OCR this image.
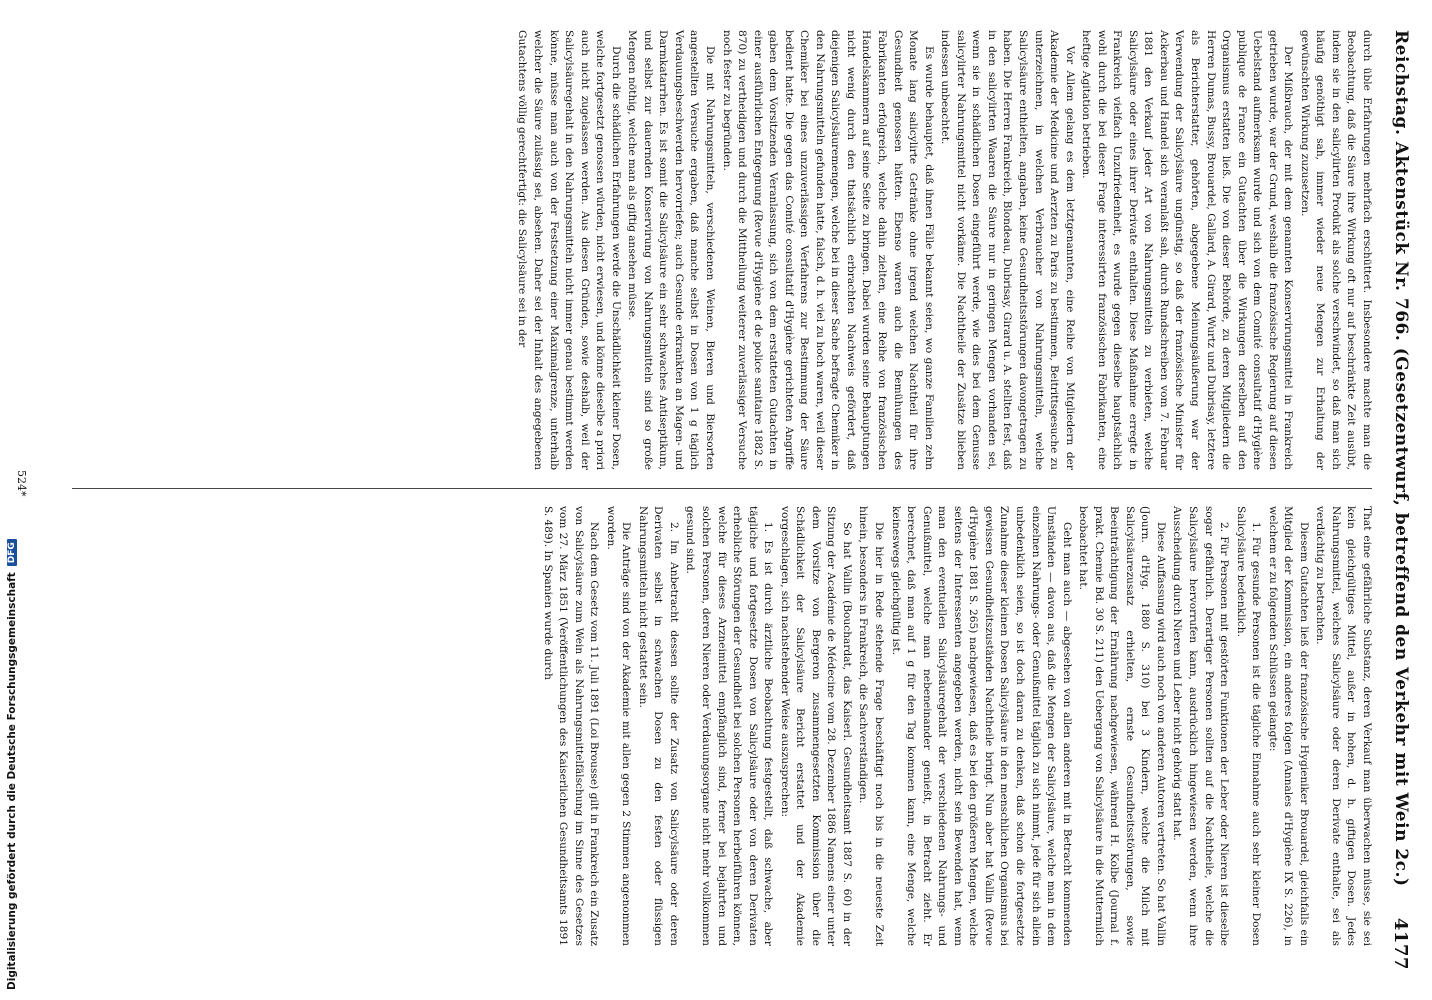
Reichstag. Aktenstück Nr. 766. (Gesetzentwurf, betreffend den Verkehr mit Wein 2c.)
4177

durch üble Erfahrungen mehrfach erschüttert. Insbesondere machte man die Beobachtung, daß die Säure ihre Wirkung oft nur auf beschränkte Zeit ausübt, indem sie in den salicylirten Produkt als solche verschwindet, so daß man sich häufig genöthigt sah, immer wieder neue Mengen zur Erhaltung der gewünschten Wirkung zuzusetzen.

Der Mißbrauch, der mit dem genannten Konservirungsmittel in Frankreich getrieben wurde, war der Grund, weshalb die französische Regierung auf diesen Uebelstand aufmerksam wurde und sich von dem Comité consultatif d'Hygiène publique de France ein Gutachten über die Wirkungen derselben auf den Organismus erstatten ließ. Die von dieser Behörde, zu deren Mitgliedern die Herren Dumas, Bussy, Brouardel, Gallard, A. Girard, Wurtz und Dubrisay, letztere als Berichterstatter, gehörten, abgegebene Meinungsäußerung war der Verwendung der Salicylsäure ungünstig, so daß der französische Minister für Ackerbau und Handel sich veranlaßt sah, durch Rundschreiben vom 7. Februar 1881 den Verkauf jeder Art von Nahrungsmitteln zu verbieten, welche Salicylsäure oder eines ihrer Derivate enthalten. Diese Maßnahme erregte in Frankreich vielfach Unzufriedenheit, es wurde gegen dieselbe hauptsächlich wohl durch die bei dieser Frage interessirten französischen Fabrikanten, eine heftige Agitation betrieben.

Vor Allem gelang es dem letztgenannten, eine Reihe von Mitgliedern der Akademie der Medicine und Aerzten zu Paris zu bestimmen, Beitrittsgesuche zu unterzeichnen, in welchen Verbraucher von Nahrungsmitteln, welche Salicylsäure enthielten, angaben, keine Gesundheitsstörungen davongetragen zu haben. Die Herren Frankreich, Blondeau, Dubrisay, Girard u. A. stellten fest, daß in den salicylirten Waaren die Säure nur in geringen Mengen vorhanden sei, wenn sie in schädlichen Dosen eingeführt werde, wie dies bei dem Genusse salicylirter Nahrungsmittel nicht vorkäme. Die Nachtheile der Zusätze blieben indessen unbeachtet.

Es wurde behauptet, daß ihnen Fälle bekannt seien, wo ganze Familien zehn Monate lang salicylirte Getränke ohne irgend welchen Nachtheil für ihre Gesundheit genossen hätten. Ebenso waren auch die Bemühungen des Fabrikanten erfolgreich, welche dahin zielten, eine Reihe von französischen Handelskammern auf seine Seite zu bringen. Dabei wurden seine Behauptungen nicht wenig durch den thatsächlich erbrachten Nachweis gefördert, daß diejenigen Salicylsäuremengen, welche bei in dieser Sache befragte Chemiker in den Nahrungsmitteln gefunden hatte, falsch, d. h. viel zu hoch waren, weil dieser Chemiker bei eines unzuverlässigen Verfahrens zur Bestimmung der Säure bedient hatte. Die gegen das Comité consultatif d'Hygiène gerichteten Angriffe gaben dem Vorsitzenden Veranlassung, sich von dem erstatteten Gutachten in einer ausführlichen Entgegnung (Revue d'Hygiène et de police sanitaire 1882 S. 870) zu vertheidigen und durch die Mittheilung weiterer zuverlässiger Versuche noch fester zu begründen.

Die mit Nahrungsmitteln, verschiedenen Weinen, Bieren und Biersorten angestellten Versuche ergaben, daß manche selbst in Dosen von 1 g täglich Verdauungsbeschwerden hervorriefen; auch Gesunde erkrankten an Magen- und Darmkatarrhen. Es ist somit die Salicylsäure ein sehr schwaches Antiseptikum, und selbst zur dauernden Konservirung von Nahrungsmitteln sind so große Mengen nöthig, welche man als giftig ansehen müsse.

Durch die schädlichen Erfahrungen werde die Unschädlichkeit kleiner Dosen, welche fortgesetzt genossen würden, nicht erwiesen, und könne dieselbe a priori auch nicht zugelassen werden. Aus diesen Gründen, sowie deshalb, weil der Salicylsäuregehalt in den Nahrungsmitteln nicht immer genau bestimmt werden könne, müsse man auch von der Festsetzung einer Maximalgrenze, unterhalb welcher die Säure zulässig sei, absehen. Daher sei der Inhalt des angegebenen Gutachtens völlig gerechtfertigt: die Salicylsäure sei in der

That eine gefährliche Substanz, deren Verkauf man überwachen müsse, sie sei kein gleichgültiges Mittel, außer in hohen, d. h. giftigen Dosen. Jedes Nahrungsmittel, welches Salicylsäure oder deren Derivate enthalte, sei als verdächtig zu betrachten.

Diesem Gutachten ließ der französische Hygieniker Brouardel, gleichfalls ein Mitglied der Kommission, ein anderes folgen (Annales d'Hygiène IX S. 226), in welchem er zu folgenden Schlüssen gelangte:

1. Für gesunde Personen ist die tägliche Einnahme auch sehr kleiner Dosen Salicylsäure bedenklich.

2. Für Personen mit gestörten Funktionen der Leber oder Nieren ist dieselbe sogar gefährlich. Derartiger Personen sollten auf die Nachtheile, welche die Salicylsäure hervorrufen kann, ausdrücklich hingewiesen werden, wenn ihre Ausscheidung durch Nieren und Leber nicht gehörig statt hat.

Diese Auffassung wird auch noch von anderen Autoren vertreten. So hat Vallin (Journ. d'Hyg. 1880 S. 310) bei 3 Kindern, welche die Milch mit Salicylsäurezusatz erhielten, ernste Gesundheitsstörungen, sowie Beeinträchtigung der Ernährung nachgewiesen, während H. Kolbe (Journal f. prakt. Chemie Bd. 30 S. 211) den Uebergang von Salicylsäure in die Muttermilch beobachtet hat.

Geht man auch — abgesehen von allen anderen mit in Betracht kommenden Umständen — davon aus, daß die Mengen der Salicylsäure, welche man in dem einzelnen Nahrungs- oder Genußmittel täglich zu sich nimmt, jede für sich allein unbedenklich seien, so ist doch daran zu denken, daß schon die fortgesetzte Zunahme dieser kleinen Dosen Salicylsäure in den menschlichen Organismus bei gewissen Gesundheitszuständen Nachtheile bringt. Nun aber hat Vallin (Revue d'Hygiène 1881 S. 265) nachgewiesen, daß es bei den größeren Mengen, welche seitens der Interessenten angegeben werden, nicht sein Bewenden hat, wenn man den eventuellen Salicylsäuregehalt der verschiedenen Nahrungs- und Genußmittel, welche man nebeneinander genießt, in Betracht zieht. Er berechnet, daß man auf 1 g für den Tag kommen kann, eine Menge, welche keineswegs gleichgültig ist.

Die hier in Rede stehende Frage beschäftigt noch bis in die neueste Zeit hinein, besonders in Frankreich, die Sachverständigen.

So hat Vallin (Bouchardat, das Kaiserl. Gesundheitsamt 1887 S. 60) in der Sitzung der Académie de Médecine vom 28. Dezember 1886 Namens einer unter dem Vorsitze von Bergeron zusammengesetzten Kommission über die Schädlichkeit der Salicylsäure Bericht erstattet und der Akademie vorgeschlagen, sich nachstehender Weise auszusprechen:

1. Es ist durch ärztliche Beobachtung festgestellt, daß schwache, aber tägliche und fortgesetzte Dosen von Salicylsäure oder von deren Derivaten erhebliche Störungen der Gesundheit bei solchen Personen herbeiführen können, welche für dieses Arzneimittel empfänglich sind, ferner bei bejahrten und solchen Personen, deren Nieren oder Verdauungsorgane nicht mehr vollkommen gesund sind.

2. Im Anbetracht dessen sollte der Zusatz von Salicylsäure oder deren Derivaten selbst in schwachen Dosen zu den festen oder flüssigen Nahrungsmitteln nicht gestattet sein.

Die Anträge sind von der Akademie mit allen gegen 2 Stimmen angenommen worden.

Nach dem Gesetz vom 11. Juli 1891 (Loi Brousse) gilt in Frankreich ein Zusatz von Salicylsäure zum Wein als Nahrungsmittelfälschung im Sinne des Gesetzes vom 27. März 1851 (Veröffentlichungen des Kaiserlichen Gesundheitsamts 1891 S. 489). In Spanien wurde durch

524*
Digitalisierung gefördert durch die Deutsche Forschungsgemeinschaft
DFG
